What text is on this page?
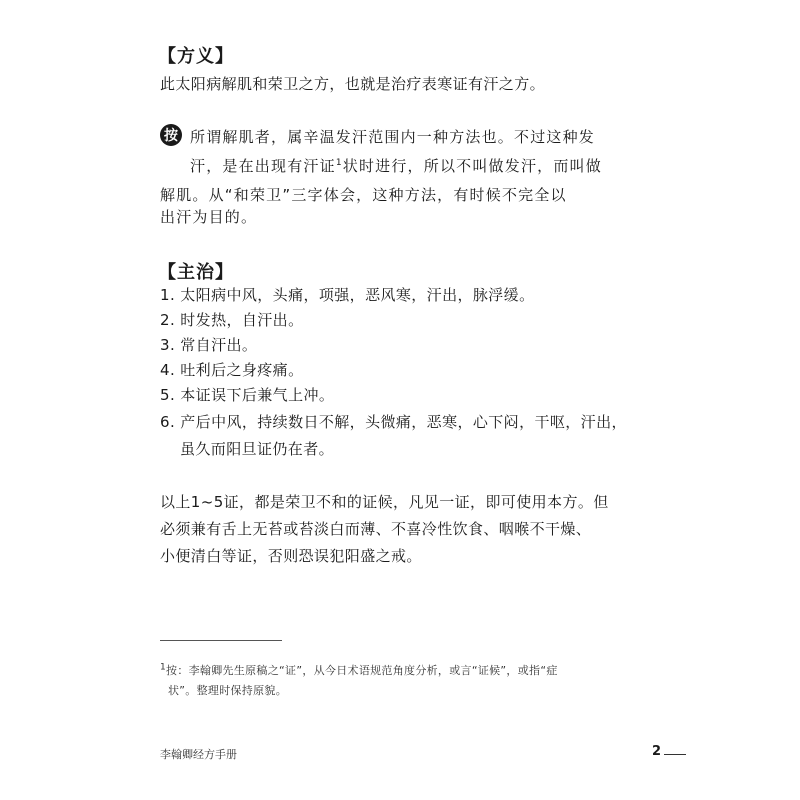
【方义】
此太阳病解肌和荣卫之方，也就是治疗表寒证有汗之方。
按 所谓解肌者，属辛温发汗范围内一种方法也。不过这种发
汗，是在出现有汗证$^1$状时进行，所以不叫做发汗，而叫做
解肌。从“和荣卫”三字体会，这种方法，有时候不完全以
出汗为目的。
【主治】
1. 太阳病中风，头痛，项强，恶风寒，汗出，脉浮缓。
2. 时发热，自汗出。
3. 常自汗出。
4. 吐利后之身疼痛。
5. 本证误下后兼气上冲。
6. 产后中风，持续数日不解，头微痛，恶寒，心下闷，干呕，汗出，
虽久而阳旦证仍在者。
以上1~5证，都是荣卫不和的证候，凡见一证，即可使用本方。但
必须兼有舌上无苔或苔淡白而薄、不喜冷性饮食、咽喉不干燥、
小便清白等证，否则恐误犯阳盛之戒。
$^1$按：李翰卿先生原稿之“证”，从今日术语规范角度分析，或言“证候”，或指“症
状”。整理时保持原貌。
李翰卿经方手册	2
